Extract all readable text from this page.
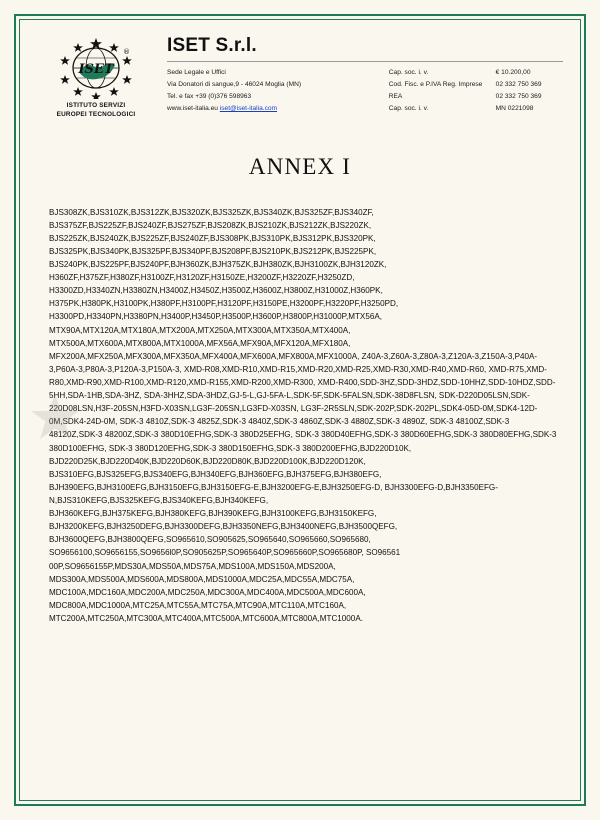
ISET
®
ISTITUTO SERVIZI
EUROPEI TECNOLOGICI
ISET S.r.l.
Sede Legale e Uffici	Cap. soc. i. v.	€ 10.200,00
Via Donatori di sangue,9 - 46024 Moglia (MN)	Cod. Fisc. e P.IVA Reg. Imprese	02 332 750 369
Tel. e fax +39 (0)376 598963	REA	02 332 750 369
www.iset-italia.eu iset@iset-italia.com	Cap. soc. i. v.	MN 0221098
ANNEX I
BJS308ZK,BJS310ZK,BJS312ZK,BJS320ZK,BJS325ZK,BJS340ZK,BJS325ZF,BJS340ZF, BJS375ZF,BJS225ZF,BJS240ZF,BJS275ZF,BJS208ZK,BJS210ZK,BJS212ZK,BJS220ZK, BJS225ZK,BJS240ZK,BJS225ZF,BJS240ZF,BJS308PK,BJS310PK,BJS312PK,BJS320PK, BJS325PK,BJS340PK,BJS325PF,BJS340PF,BJS208PF,BJS210PK,BJS212PK,BJS225PK, BJS240PK,BJS225PF,BJS240PF,BJH360ZK,BJH375ZK,BJH380ZK,BJH3100ZK,BJH3120ZK, H360ZF,H375ZF,H380ZF,H3100ZF,H3120ZF,H3150ZE,H3200ZF,H3220ZF,H3250ZD, H3300ZD,H3340ZN,H3380ZN,H3400Z,H3450Z,H3500Z,H3600Z,H3800Z,H31000Z,H360PK, H375PK,H380PK,H3100PK,H380PF,H3100PF,H3120PF,H3150PE,H3200PF,H3220PF,H3250PD, H3300PD,H3340PN,H3380PN,H3400P,H3450P,H3500P,H3600P,H3800P,H31000P,MTX56A, MTX90A,MTX120A,MTX180A,MTX200A,MTX250A,MTX300A,MTX350A,MTX400A, MTX500A,MTX600A,MTX800A,MTX1000A,MFX56A,MFX90A,MFX120A,MFX180A, MFX200A,MFX250A,MFX300A,MFX350A,MFX400A,MFX600A,MFX800A,MFX1000A, Z40A-3,Z60A-3,Z80A-3,Z120A-3,Z150A-3,P40A-3,P60A-3,P80A-3,P120A-3,P150A-3, XMD-R08,XMD-R10,XMD-R15,XMD-R20,XMD-R25,XMD-R30,XMD-R40,XMD-R60, XMD-R75,XMD-R80,XMD-R90,XMD-R100,XMD-R120,XMD-R155,XMD-R200,XMD-R300, XMD-R400,SDD-3HZ,SDD-3HDZ,SDD-10HHZ,SDD-10HDZ,SDD-5HH,SDA-1HB,SDA-3HZ, SDA-3HHZ,SDA-3HDZ,GJ-5-L,GJ-5FA-L,SDK-5F,SDK-5FALSN,SDK-38D8FLSN, SDK-D220D05LSN,SDK-220D08LSN,H3F-205SN,H3FD-X03SN,LG3F-205SN,LG3FD-X03SN, LG3F-2R5SLN,SDK-202P,SDK-202PL,SDK4-05D-0M,SDK4-12D-0M,SDK4-24D-0M, SDK-3 4810Z,SDK-3 4825Z,SDK-3 4840Z,SDK-3 4860Z,SDK-3 4880Z,SDK-3 4890Z, SDK-3 48100Z,SDK-3 48120Z,SDK-3 48200Z,SDK-3 380D10EFHG,SDK-3 380D25EFHG, SDK-3 380D40EFHG,SDK-3 380D60EFHG,SDK-3 380D80EFHG,SDK-3 380D100EFHG, SDK-3 380D120EFHG,SDK-3 380D150EFHG,SDK-3 380D200EFHG,BJD220D10K, BJD220D25K,BJD220D40K,BJD220D60K,BJD220D80K,BJD220D100K,BJD220D120K, BJS310EFG,BJS325EFG,BJS340EFG,BJH340EFG,BJH360EFG,BJH375EFG,BJH380EFG, BJH390EFG,BJH3100EFG,BJH3150EFG,BJH3150EFG-E,BJH3200EFG-E,BJH3250EFG-D, BJH3300EFG-D,BJH3350EFG-N,BJS310KEFG,BJS325KEFG,BJS340KEFG,BJH340KEFG, BJH360KEFG,BJH375KEFG,BJH380KEFG,BJH390KEFG,BJH3100KEFG,BJH3150KEFG, BJH3200KEFG,BJH3250DEFG,BJH3300DEFG,BJH3350NEFG,BJH3400NEFG,BJH3500QEFG, BJH3600QEFG,BJH3800QEFG,SO965610,SO905625,SO965640,SO965660,SO965680, SO9656100,SO9656155,SO9656l0P,SO905625P,SO965640P,SO965660P,SO965680P, SO96561 00P,SO9656155P,MDS30A,MDS50A,MDS75A,MDS100A,MDS150A,MDS200A, MDS300A,MDS500A,MDS600A,MDS800A,MDS1000A,MDC25A,MDC55A,MDC75A, MDC100A,MDC160A,MDC200A,MDC250A,MDC300A,MDC400A,MDC500A,MDC600A, MDC800A,MDC1000A,MTC25A,MTC55A,MTC75A,MTC90A,MTC110A,MTC160A, MTC200A,MTC250A,MTC300A,MTC400A,MTC500A,MTC600A,MTC800A,MTC1000A.
